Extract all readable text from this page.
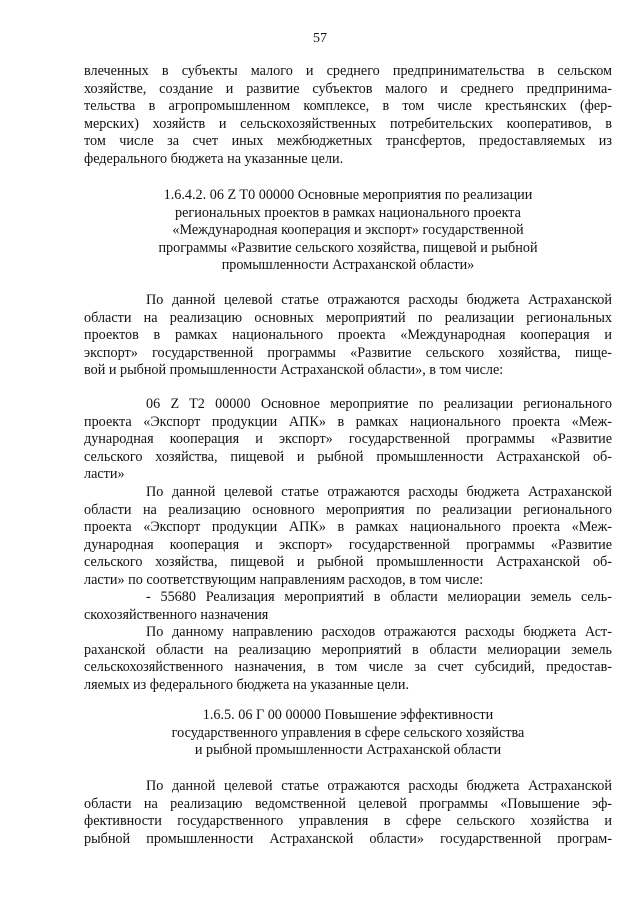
57
влеченных в субъекты малого и среднего предпринимательства в сельском
хозяйстве, создание и развитие субъектов малого и среднего предпринима-
тельства в агропромышленном комплексе, в том числе крестьянских (фер-
мерских) хозяйств и сельскохозяйственных потребительских кооперативов, в
том числе за счет иных межбюджетных трансфертов, предоставляемых из
федерального бюджета на указанные цели.
1.6.4.2. 06 Z T0 00000 Основные мероприятия по реализации
региональных проектов в рамках национального проекта
«Международная кооперация и экспорт» государственной
программы «Развитие сельского хозяйства, пищевой и рыбной
промышленности Астраханской области»
По данной целевой статье отражаются расходы бюджета Астраханской
области на реализацию основных мероприятий по реализации региональных
проектов в рамках национального проекта «Международная кооперация и
экспорт» государственной программы «Развитие сельского хозяйства, пище-
вой и рыбной промышленности Астраханской области», в том числе:
06 Z T2 00000 Основное мероприятие по реализации регионального
проекта «Экспорт продукции АПК» в рамках национального проекта «Меж-
дународная кооперация и экспорт» государственной программы «Развитие
сельского хозяйства, пищевой и рыбной промышленности Астраханской об-
ласти»
По данной целевой статье отражаются расходы бюджета Астраханской
области на реализацию основного мероприятия по реализации регионального
проекта «Экспорт продукции АПК» в рамках национального проекта «Меж-
дународная кооперация и экспорт» государственной программы «Развитие
сельского хозяйства, пищевой и рыбной промышленности Астраханской об-
ласти» по соответствующим направлениям расходов, в том числе:
- 55680 Реализация мероприятий в области мелиорации земель сель-
скохозяйственного назначения
По данному направлению расходов отражаются расходы бюджета Аст-
раханской области на реализацию мероприятий в области мелиорации земель
сельскохозяйственного назначения, в том числе за счет субсидий, предостав-
ляемых из федерального бюджета на указанные цели.
1.6.5. 06 Г 00 00000 Повышение эффективности
государственного управления в сфере сельского хозяйства
и рыбной промышленности Астраханской области
По данной целевой статье отражаются расходы бюджета Астраханской
области на реализацию ведомственной целевой программы «Повышение эф-
фективности государственного управления в сфере сельского хозяйства и
рыбной промышленности Астраханской области» государственной програм-
